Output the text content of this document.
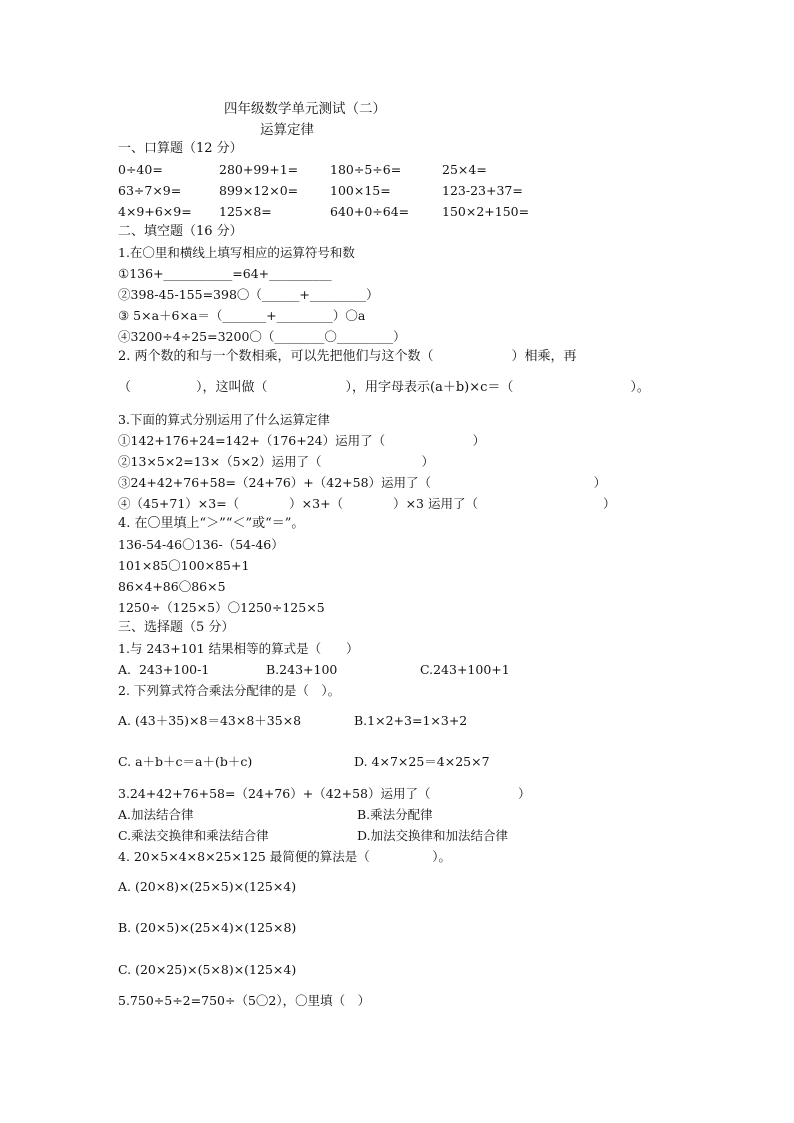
四年级数学单元测试（二）
运算定律
一、口算题（12 分）
0÷40=	280+99+1=	180÷5÷6=	25×4=
63÷7×9=	899×12×0=	100×15=	123-23+37=
4×9+6×9= 125×8=	640+0÷64=	150×2+150=
二、填空题（16 分）
1.在〇里和横线上填写相应的运算符号和数
①136+___________=64+__________
②398-45-155=398〇（______+_________）
③ 5×a＋6×a＝（_______+_________）〇a
④3200÷4÷25=3200〇（________〇_________）
2. 两个数的和与一个数相乘，可以先把他们与这个数（　　　　　　）相乘，再
（　　　　　），这叫做（　　　　　　），用字母表示(a＋b)×c＝（　　　　　　　　　）。
3.下面的算式分别运用了什么运算定律
①142+176+24=142+（176+24）运用了（　　　　　　　）
②13×5×2=13×（5×2）运用了（　　　　　　　　）
③24+42+76+58=（24+76）+（42+58）运用了（　　　　　　　　　　　　　）
④（45+71）×3=（　　　　）×3+（　　　　）×3 运用了（　　　　　　　　　　）
4. 在〇里填上“＞”“＜”或“＝”。
136-54-46〇136-（54-46）
101×85〇100×85+1
86×4+86〇86×5
1250÷（125×5）〇1250÷125×5
三、选择题（5 分）
1.与 243+101 结果相等的算式是（　　）
A.  243+100-1	B.243+100	C.243+100+1
2. 下列算式符合乘法分配律的是（　）。
A. (43＋35)×8＝43×8＋35×8	B.1×2+3=1×3+2
C. a＋b＋c＝a＋(b＋c)	D. 4×7×25＝4×25×7
3.24+42+76+58=（24+76）+（42+58）运用了（　　　　　　　）
A.加法结合律	B.乘法分配律
C.乘法交换律和乘法结合律	D.加法交换律和加法结合律
4. 20×5×4×8×25×125 最简便的算法是（　　　　　）。
A. (20×8)×(25×5)×(125×4)
B. (20×5)×(25×4)×(125×8)
C. (20×25)×(5×8)×(125×4)
5.750÷5÷2=750÷（5〇2），〇里填（　）
